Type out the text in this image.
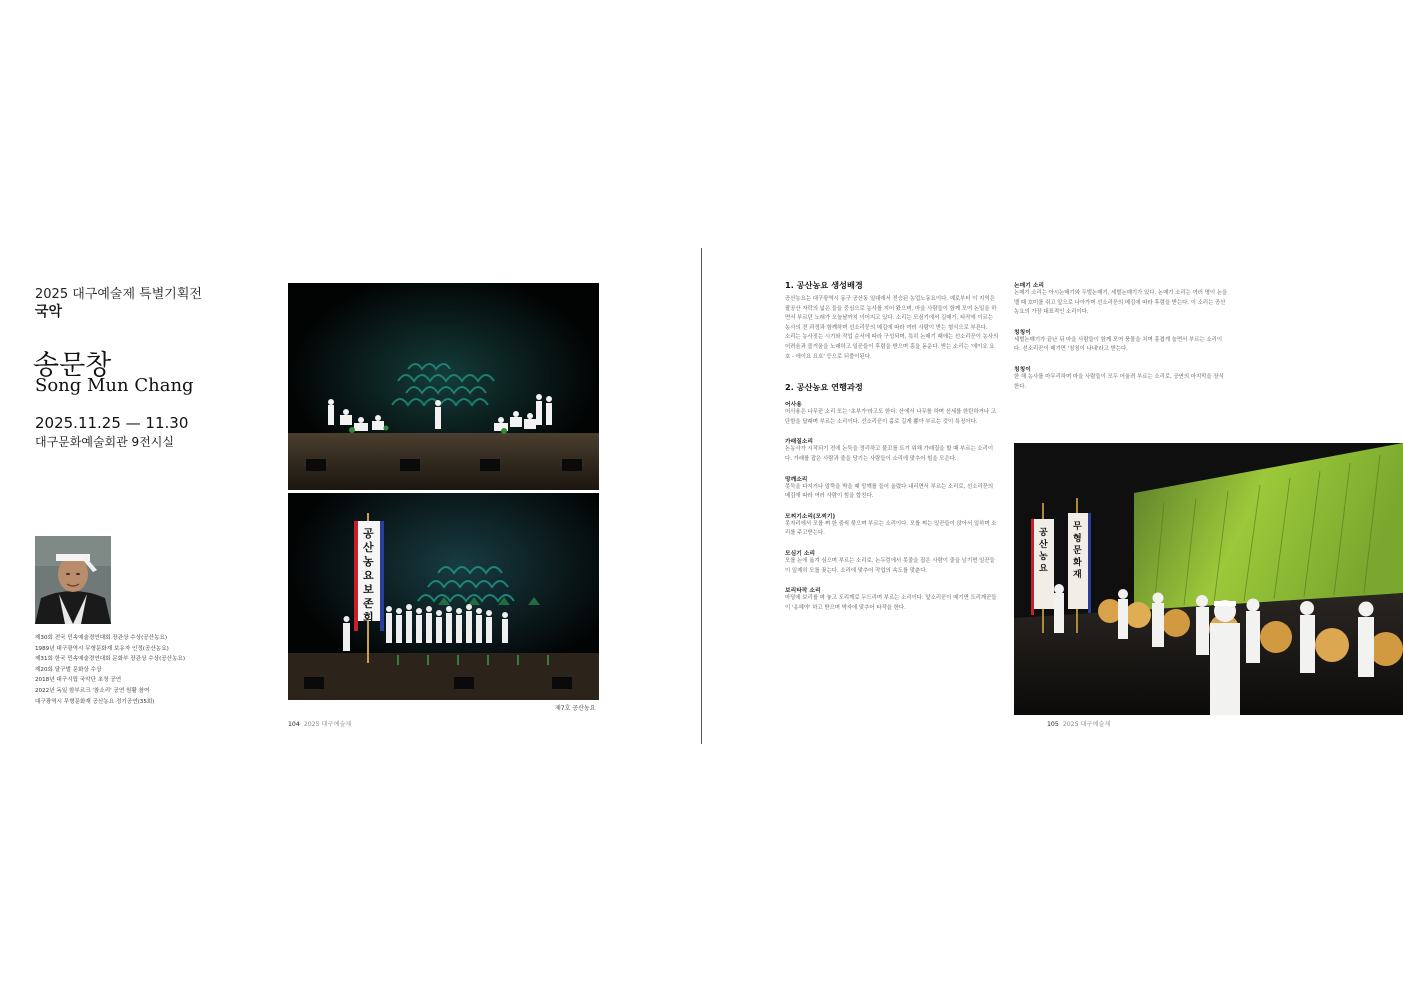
2025 대구예술제 특별기획전
국악
송문창
Song Mun Chang
2025.11.25 — 11.30
대구문화예술회관 9전시실
제30회 전국 민속예술경연대회 장관상 수상(공산농요)
1989년 대구광역시 무형문화재 보유자 인정(공산농요)
제31회 한국 민속예술경연대회 문화부 장관상 수상(공산농요)
제20회 달구벌 문화상 수상
2018년 대구시립 국악단 초청 공연
2022년 독일 함부르크 '참소리' 공연 원활 참여
대구광역시 무형문화재 공산농요 정기공연(35회)
공
산
농
요
보
존
회
제7호 공산농요
104 2025 대구예술제
1. 공산농요 생성배경
공산농요는 대구광역시 동구 공산동 일대에서 전승된 농업노동요이다. 예로부터 이 지역은 팔공산 자락의 넓은 들을 중심으로 농사를 지어 왔으며, 마을 사람들이 함께 모여 논일을 하면서 부르던 노래가 오늘날까지 이어지고 있다. 소리는 모심기에서 김매기, 타작에 이르는 농사의 전 과정과 함께하며 선소리꾼의 메김에 따라 여러 사람이 받는 형식으로 부른다.
소리는 농사짓는 시기와 작업 순서에 따라 구성되며, 특히 논매기 때에는 선소리꾼이 농사의 어려움과 즐거움을 노래하고 일꾼들이 후렴을 받으며 흥을 돋운다. 받는 소리는 '에이요 요호 - 에이요 요호' 등으로 되풀이된다.
2. 공산농요 연행과정
어사용
어사용은 나무꾼 소리 또는 '초부가'라고도 한다. 산에서 나무를 하며 신세를 한탄하거나 고단함을 달래며 부르는 소리이다. 선소리꾼이 홀로 길게 뽑아 부르는 것이 특징이다.
가래질소리
논농사가 시작되기 전에 논둑을 정리하고 물꼬를 트기 위해 가래질을 할 때 부르는 소리이다. 가래를 잡은 사람과 줄을 당기는 사람들이 소리에 맞추어 힘을 모은다.
망깨소리
못둑을 다지거나 말뚝을 박을 때 망깨를 들어 올렸다 내리면서 부르는 소리로, 선소리꾼의 메김에 따라 여러 사람이 힘을 합친다.
모찌기소리(모찌기)
못자리에서 모를 쪄 한 줌씩 묶으며 부르는 소리이다. 모를 찌는 일꾼들이 앉아서 일하며 소리를 주고받는다.
모심기 소리
모를 논에 옮겨 심으며 부르는 소리로, 논두렁에서 못줄을 잡은 사람이 줄을 넘기면 일꾼들이 일제히 모를 꽂는다. 소리에 맞추어 작업의 속도를 맞춘다.
보리타작 소리
마당에 보리를 펴 놓고 도리깨로 두드리며 부르는 소리이다. 앞소리꾼이 메기면 도리깨꾼들이 '옹헤야' 하고 받으며 박자에 맞추어 타작을 한다.
논매기 소리
논매기 소리는 아시논매기와 두벌논매기, 세벌논매기가 있다. 논매기 소리는 여러 명이 논을 맬 때 호미를 쥐고 앞으로 나아가며 선소리꾼의 메김에 따라 후렴을 받는다. 이 소리는 공산농요의 가장 대표적인 소리이다.
칭칭이
세벌논매기가 끝난 뒤 마을 사람들이 함께 모여 풍물을 치며 흥겹게 놀면서 부르는 소리이다. 선소리꾼이 메기면 '칭칭이 나네'라고 받는다.
칭칭이
한 해 농사를 마무리하며 마을 사람들이 모두 어울려 부르는 소리로, 공연의 마지막을 장식한다.
공
산
농
요
무
형
문
화
재
105 2025 대구예술제
